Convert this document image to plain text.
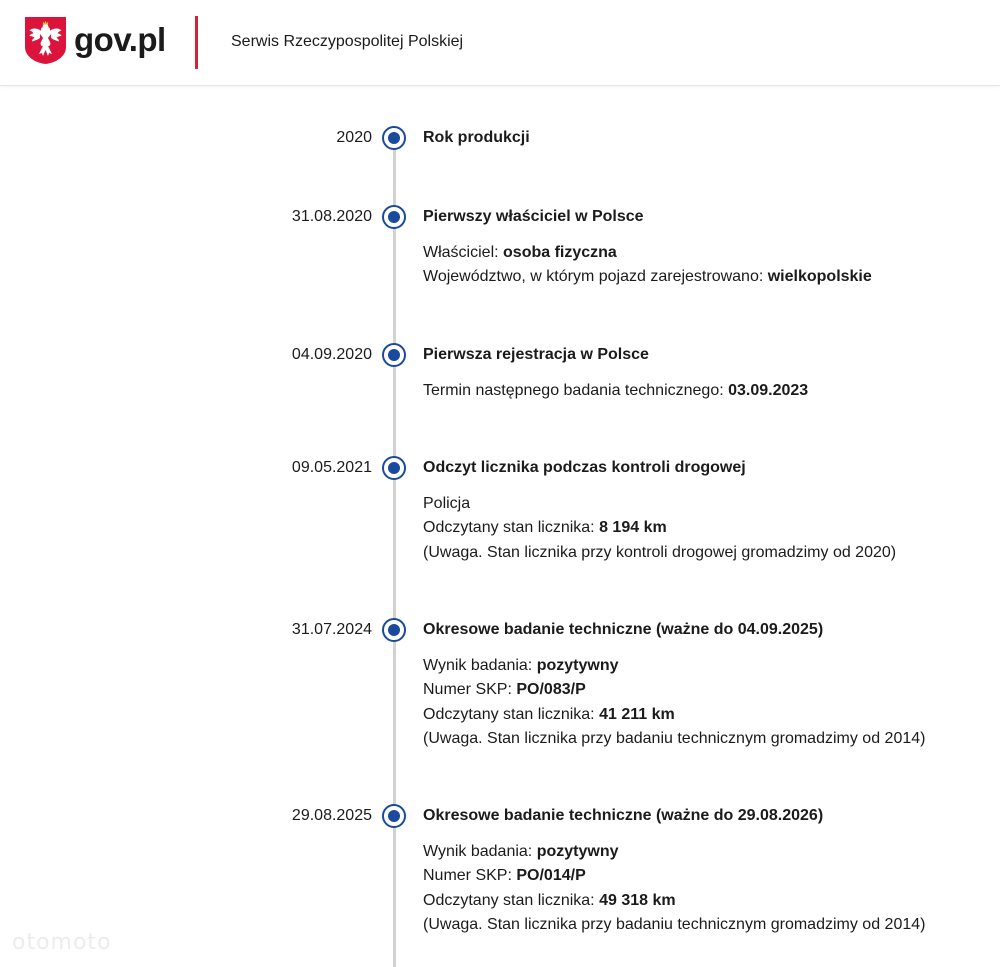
gov.pl	Serwis Rzeczypospolitej Polskiej
2020	Rok produkcji
31.08.2020	Pierwszy właściciel w Polsce
Właściciel: osoba fizyczna
Województwo, w którym pojazd zarejestrowano: wielkopolskie
04.09.2020	Pierwsza rejestracja w Polsce
Termin następnego badania technicznego: 03.09.2023
09.05.2021	Odczyt licznika podczas kontroli drogowej
Policja
Odczytany stan licznika: 8 194 km
(Uwaga. Stan licznika przy kontroli drogowej gromadzimy od 2020)
31.07.2024	Okresowe badanie techniczne (ważne do 04.09.2025)
Wynik badania: pozytywny
Numer SKP: PO/083/P
Odczytany stan licznika: 41 211 km
(Uwaga. Stan licznika przy badaniu technicznym gromadzimy od 2014)
29.08.2025	Okresowe badanie techniczne (ważne do 29.08.2026)
Wynik badania: pozytywny
Numer SKP: PO/014/P
Odczytany stan licznika: 49 318 km
(Uwaga. Stan licznika przy badaniu technicznym gromadzimy od 2014)
otomoto
